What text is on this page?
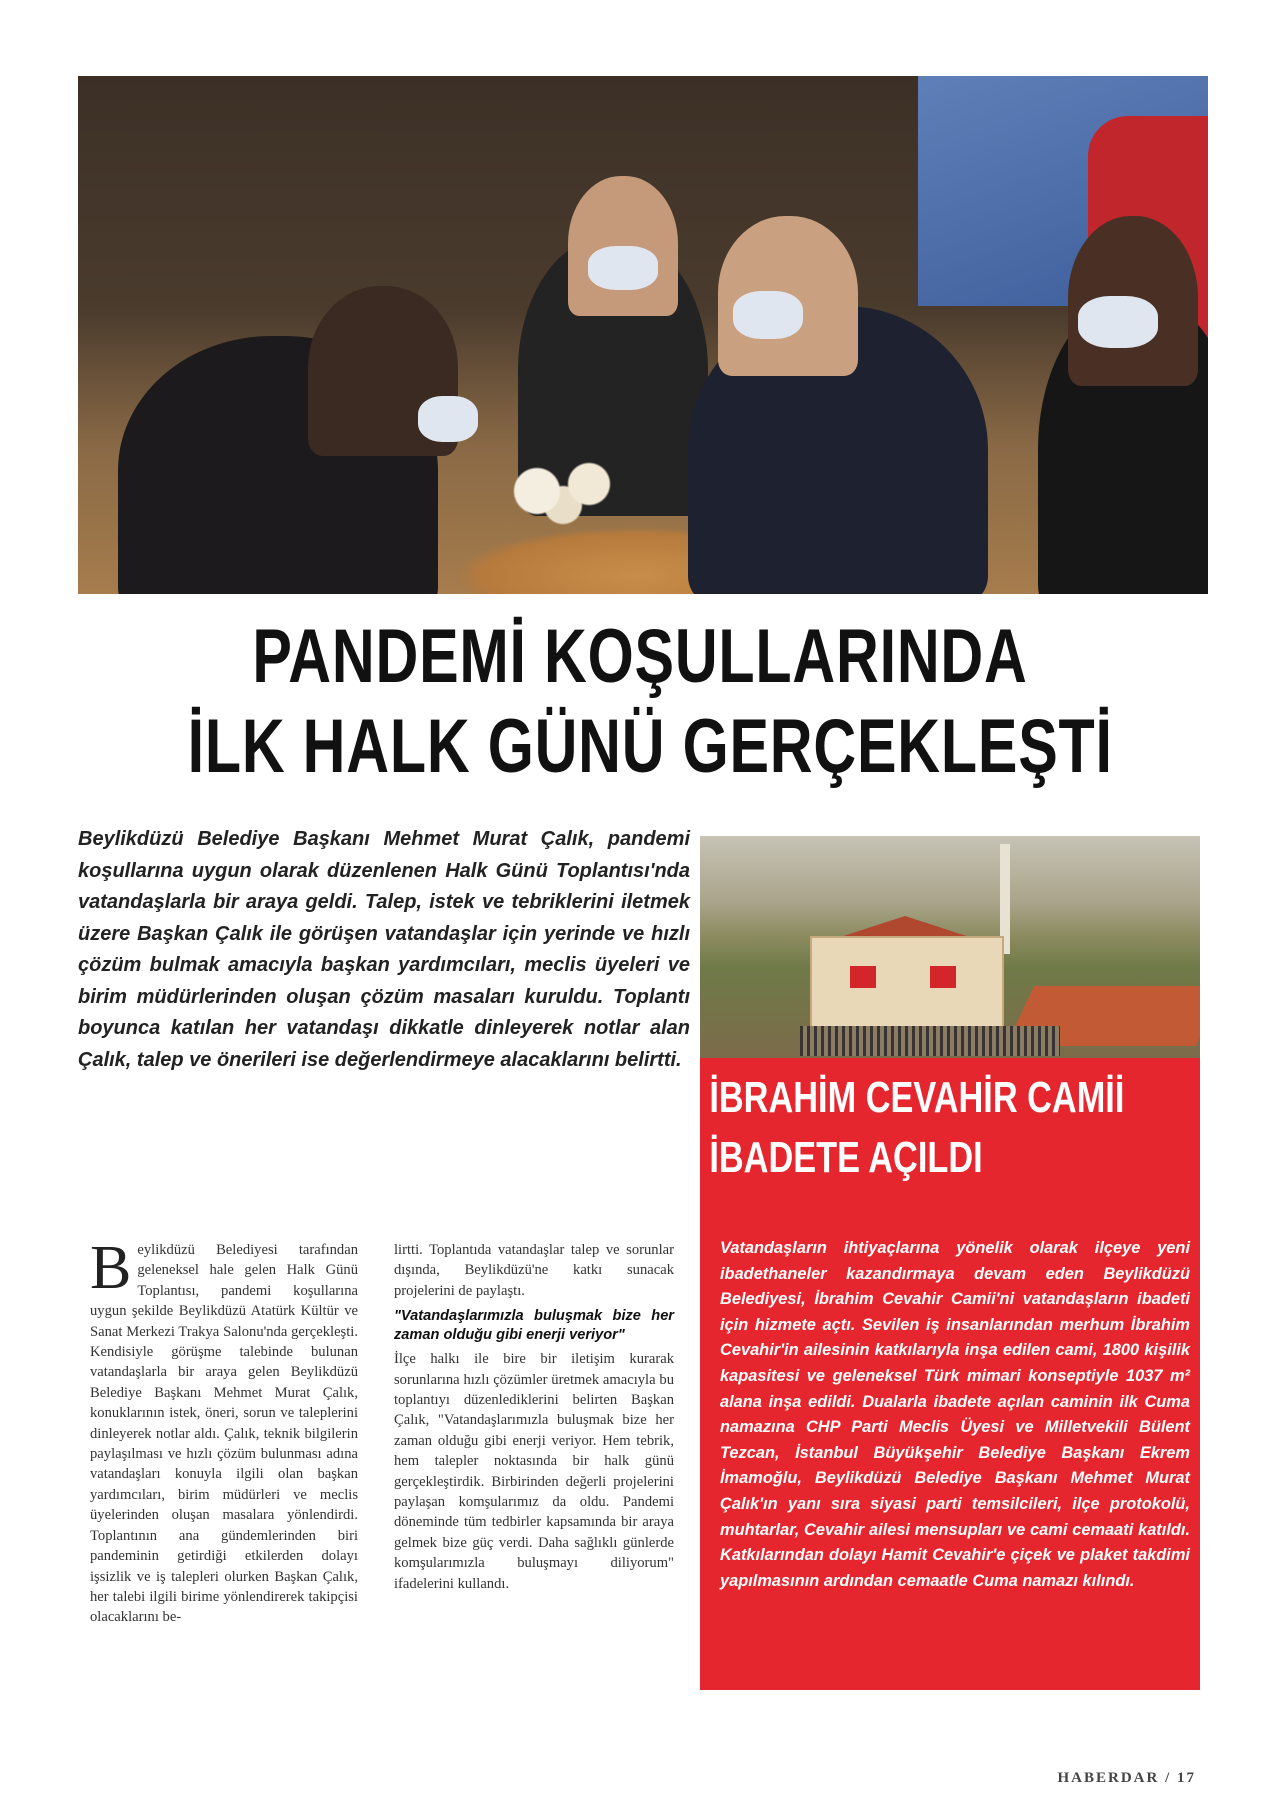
PANDEMİ KOŞULLARINDA
İLK HALK GÜNÜ GERÇEKLEŞTİ
Beylikdüzü Belediye Başkanı Mehmet Murat Çalık, pandemi koşullarına uygun olarak düzenlenen Halk Günü Toplantısı'nda vatandaşlarla bir araya geldi. Talep, istek ve tebriklerini iletmek üzere Başkan Çalık ile görüşen vatandaşlar için yerinde ve hızlı çözüm bulmak amacıyla başkan yardımcıları, meclis üyeleri ve birim müdürlerinden oluşan çözüm masaları kuruldu. Toplantı boyunca katılan her vatandaşı dikkatle dinleyerek notlar alan Çalık, talep ve önerileri ise değerlendirmeye alacaklarını belirtti.
B eylikdüzü Belediyesi tarafından geleneksel hale gelen Halk Günü Toplantısı, pandemi koşullarına uygun şekilde Beylikdüzü Atatürk Kültür ve Sanat Merkezi Trakya Salonu'nda gerçekleşti. Kendisiyle görüşme talebinde bulunan vatandaşlarla bir araya gelen Beylikdüzü Belediye Başkanı Mehmet Murat Çalık, konuklarının istek, öneri, sorun ve taleplerini dinleyerek notlar aldı. Çalık, teknik bilgilerin paylaşılması ve hızlı çözüm bulunması adına vatandaşları konuyla ilgili olan başkan yardımcıları, birim müdürleri ve meclis üyelerinden oluşan masalara yönlendirdi. Toplantının ana gündemlerinden biri pandeminin getirdiği etkilerden dolayı işsizlik ve iş talepleri olurken Başkan Çalık, her talebi ilgili birime yönlendirerek takipçisi olacaklarını be-
lirtti. Toplantıda vatandaşlar talep ve sorunlar dışında, Beylikdüzü'ne katkı sunacak projelerini de paylaştı.
"Vatandaşlarımızla buluşmak bize her zaman olduğu gibi enerji veriyor"
İlçe halkı ile bire bir iletişim kurarak sorunlarına hızlı çözümler üretmek amacıyla bu toplantıyı düzenlediklerini belirten Başkan Çalık, "Vatandaşlarımızla buluşmak bize her zaman olduğu gibi enerji veriyor. Hem tebrik, hem talepler noktasında bir halk günü gerçekleştirdik. Birbirinden değerli projelerini paylaşan komşularımız da oldu. Pandemi döneminde tüm tedbirler kapsamında bir araya gelmek bize güç verdi. Daha sağlıklı günlerde komşularımızla buluşmayı diliyorum" ifadelerini kullandı.
İBRAHİM CEVAHİR CAMİİ
İBADETE AÇILDI
Vatandaşların ihtiyaçlarına yönelik olarak ilçeye yeni ibadethaneler kazandırmaya devam eden Beylikdüzü Belediyesi, İbrahim Cevahir Camii'ni vatandaşların ibadeti için hizmete açtı. Sevilen iş insanlarından merhum İbrahim Cevahir'in ailesinin katkılarıyla inşa edilen cami, 1800 kişilik kapasitesi ve geleneksel Türk mimari konseptiyle 1037 m² alana inşa edildi. Dualarla ibadete açılan caminin ilk Cuma namazına CHP Parti Meclis Üyesi ve Milletvekili Bülent Tezcan, İstanbul Büyükşehir Belediye Başkanı Ekrem İmamoğlu, Beylikdüzü Belediye Başkanı Mehmet Murat Çalık'ın yanı sıra siyasi parti temsilcileri, ilçe protokolü, muhtarlar, Cevahir ailesi mensupları ve cami cemaati katıldı. Katkılarından dolayı Hamit Cevahir'e çiçek ve plaket takdimi yapılmasının ardından cemaatle Cuma namazı kılındı.
HABERDAR / 17
